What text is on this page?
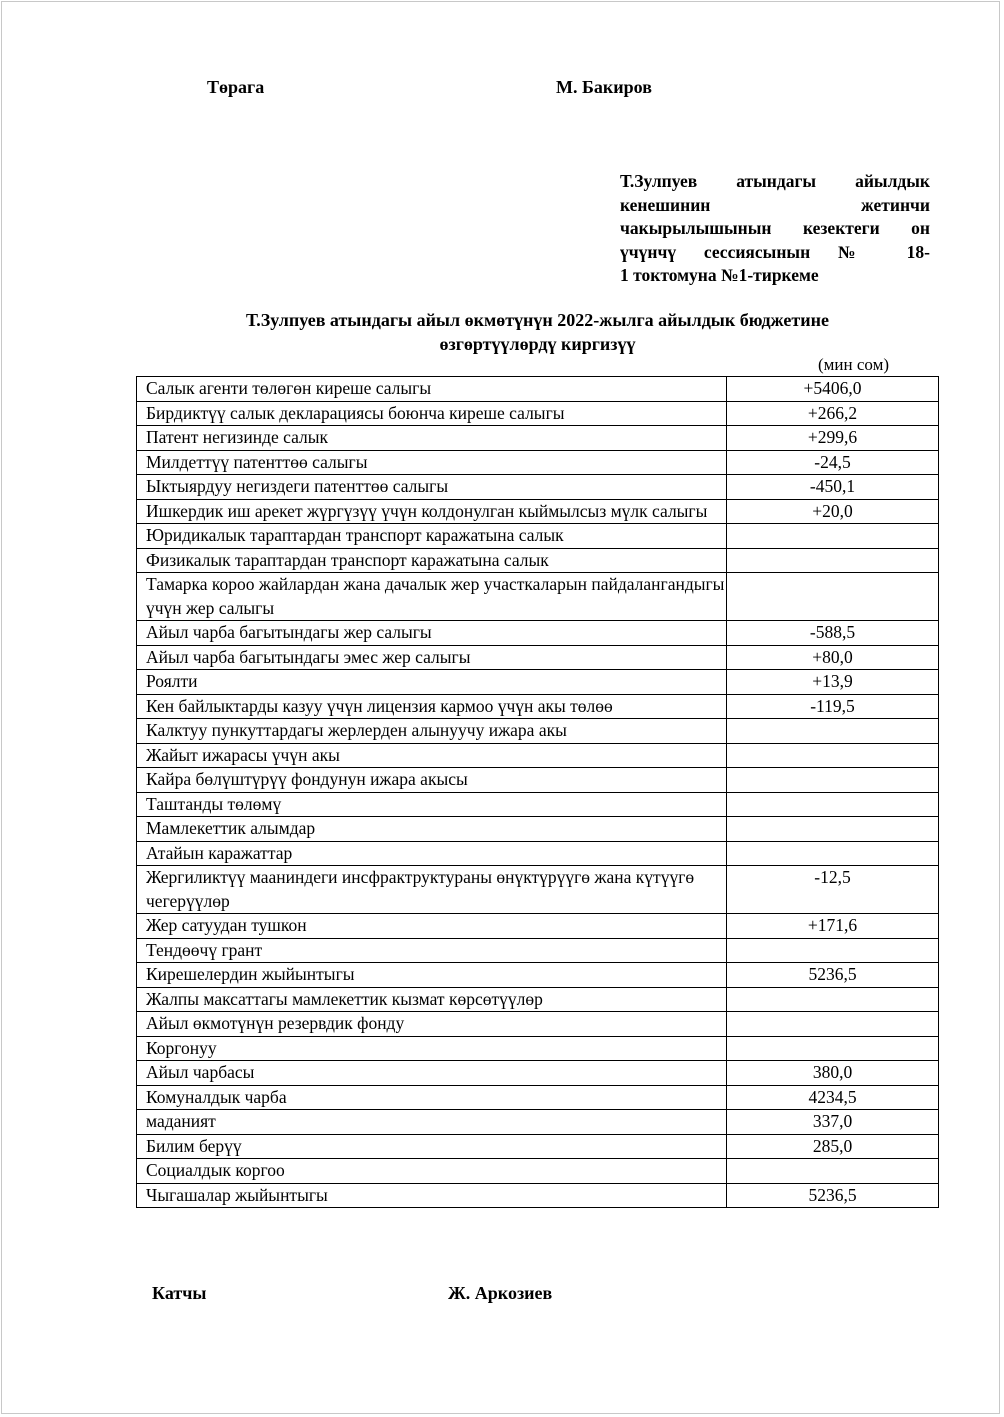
Төрага	М. Бакиров
Т.Зулпуев атындагы айылдык
кенешинин жетинчи
чакырылышынын кезектеги он
үчүнчү сессиясынын № 18-
1 токтомуна №1-тиркеме
Т.Зулпуев атындагы айыл өкмөтүнүн 2022-жылга айылдык бюджетине
өзгөртүүлөрдү киргизүү
(мин сом)
Салык агенти төлөгөн киреше салыгы	+5406,0
Бирдиктүү салык декларациясы боюнча киреше салыгы	+266,2
Патент негизинде салык	+299,6
Милдеттүү патенттөө салыгы	-24,5
Ыктыярдуу негиздеги патенттөө салыгы	-450,1
Ишкердик иш арекет жүргүзүү үчүн колдонулган кыймылсыз мүлк салыгы	+20,0
Юридикалык тараптардан транспорт каражатына салык	
Физикалык тараптардан транспорт каражатына салык	
Тамарка короо жайлардан жана дачалык жер участкаларын пайдалангандыгы үчүн жер салыгы	
Айыл чарба багытындагы жер салыгы	-588,5
Айыл чарба багытындагы эмес жер салыгы	+80,0
Роялти	+13,9
Кен байлыктарды казуу үчүн лицензия кармоо үчүн акы төлөө	-119,5
Калктуу пункуттардагы жерлерден алынуучу ижара акы	
Жайыт ижарасы үчүн акы	
Кайра бөлүштүрүү фондунун ижара акысы	
Таштанды төлөмү	
Мамлекеттик алымдар	
Атайын каражаттар	
Жергиликтүү мааниндеги инсфрактруктураны өнүктүрүүгө жана күтүүгө чегерүүлөр	-12,5
Жер сатуудан тушкон	+171,6
Тендөөчү грант	
Кирешелердин жыйынтыгы	5236,5
Жалпы максаттагы мамлекеттик кызмат көрсөтүүлөр	
Айыл өкмотүнүн резервдик фонду	
Коргонуу	
Айыл чарбасы	380,0
Комуналдык чарба	4234,5
маданият	337,0
Билим берүү	285,0
Социалдык коргоо	
Чыгашалар жыйынтыгы	5236,5
Катчы	Ж. Аркозиев
